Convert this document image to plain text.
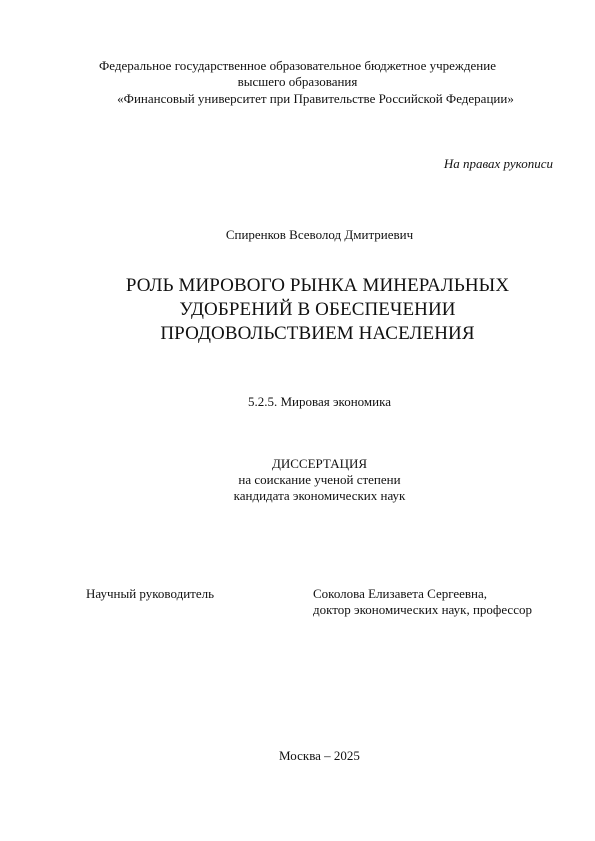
Федеральное государственное образовательное бюджетное учреждение
высшего образования
«Финансовый университет при Правительстве Российской Федерации»
На правах рукописи
Спиренков Всеволод Дмитриевич
РОЛЬ МИРОВОГО РЫНКА МИНЕРАЛЬНЫХ
УДОБРЕНИЙ В ОБЕСПЕЧЕНИИ
ПРОДОВОЛЬСТВИЕМ НАСЕЛЕНИЯ
5.2.5. Мировая экономика
ДИССЕРТАЦИЯ
на соискание ученой степени
кандидата экономических наук
Научный руководитель	Соколова Елизавета Сергеевна,
доктор экономических наук, профессор
Москва – 2025
